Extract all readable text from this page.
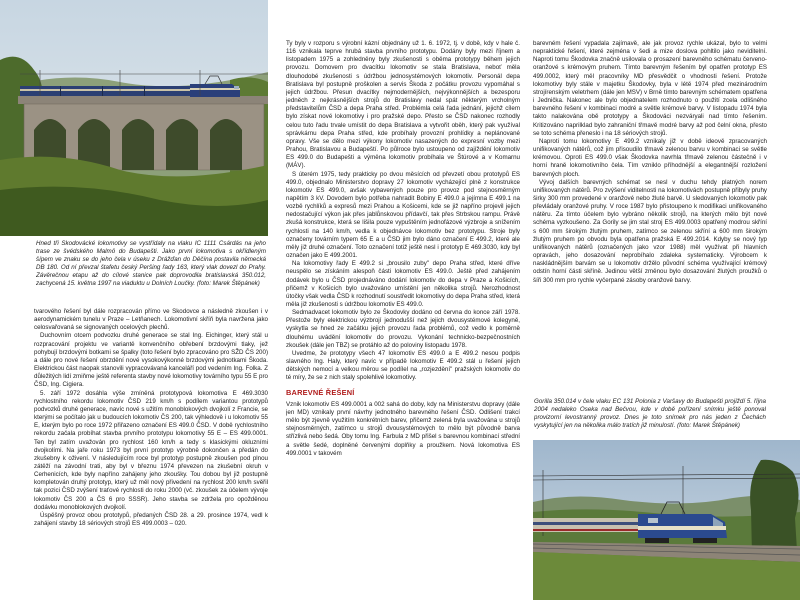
Hned tři Škodovácké lokomotivy se vystřídaly na vlaku IC 1111 Csárdás na jeho trase ze švédského Malmö do Budapešti. Jako první lokomotiva s okřídleným šípem ve znaku se do jeho čela v úseku z Drážďan do Děčína postavila německá DB 180. Od ní převzal štafetu český Peršing řady 163, který vlak dovezl do Prahy. Závěrečnou etapu až do cílové stanice pak doprovodila bratislavská 350.012, zachycená 15. května 1997 na viaduktu u Dolních Loučky. (foto: Marek Štěpánek)

tvarového řešení byl dále rozpracován přímo ve Škodovce a následně zkoušen i v aerodynamickém tunelu v Praze – Letňanech. Lokomotivní skříň byla navržena jako celosvařovaná se signovaných ocelových plechů.

Duchovním otcem podvozku druhé generace se stal Ing. Eichinger, který stál u rozpracování projektu ve variantě konvenčního obřebení brzdovými tlaky, jež pohybují brzdovými botkami se špalky (toto řešení bylo zpracováno pro SŽD ČS 200) a dále pro nové řešení obrzdění nové vysokovýkonné brzdovými jednotkami Škoda. Elektrickou část naopak stanovili vypracovávaná kanceláří pod vedením Ing. Folka. Z důležitých lidí zmiňme ještě referenta stavby nové lokomotivy továrního typu 55 E pro ČSD, Ing. Cigiera.

5. září 1972 dosáhla výše zmíněná prototypová lokomotiva E 469.3030 rychlostního rekordu lokomotiv ČSD 219 km/h s podílem variantou prototypů podvozků druhé generace, navíc nové s užitím monoblokových dvojkolí z Francie, se kterými se počítalo jak u budoucích lokomotiv ČS 200, tak výhledově i u lokomotiv 55 E, kterým bylo po roce 1972 přiřazeno označení ES 499.0 ČSD. V době rychlostního rekordu začala probíhat stavba prvního prototypu lokomotivy 55 E – ES 499.0001. Ten byl zatím uvažován pro rychlost 160 km/h a tedy s klasickými okluzními dvojkolími. Na jaře roku 1973 byl první prototyp výrobně dokončen a předán do zkušebny k oživení. V následujícím roce byl prototyp postupně zkoušen pod plnou zátěží na závodní trati, aby byl v březnu 1974 převezen na zkušební okruh v Cerhenicích, kde byly napříno zahájeny jeho zkoušky. Tou dobou byl již postupně kompletován druhý prototyp, který už měl nový přivedení na rychlost 200 km/h svěřil tak pozici ČSD zvýšení traťové rychlosti do roku 2000 (vč. zkoušek za účelem vývoje lokomotiv ČS 200 a ČS 6 pro SSSR). Jeho stavba se zdržela pro opožděnou dodávku monoblokových dvojkolí.

Úspěšný provoz obou prototypů, předaných ČSD 28. a 29. prosince 1974, vedl k zahájení stavby 18 sériových strojů ES 499.0003 – 020.

Ty byly v rozporu s výrobní kázní objednány už 1. 6. 1972, tj. v době, kdy v hale č. 116 vznikala teprve hrubá stavba prvního prototypu. Dodány byly mezi říjnem a listopadem 1975 a zohledněny byly zkušenosti s oběma prototypy během jejich provozu. Domovem pro dvacítku lokomotiv se stala Bratislava, neboť měla dlouhodobé zkušenosti s údržbou jednosystémových lokomotiv. Personál depa Bratislava byl postupně proškolen a servis Škoda z počátku provozu vypomáhal s jejich údržbou. Přesun dvacítky nejmodernějších, nejvýkonnějších a bezesporu jedněch z nejkrásnějších strojů do Bratislavy nedal spát některým vrcholným představitelům ČSD a depa Praha střed. Problémla celá řada jednání, jejichž cílem bylo získat nové lokomotivy i pro pražské depo. Přesto se ČSD nakonec rozhodly celou tuto řadu trvale umístit do depa Bratislava a vytvořit oběh, který pak využíval správkárnu depa Praha střed, kde probíhaly provozní prohlídky a neplánované opravy. Vše se dělo mezi výkony lokomotiv nasazených do expresní vozby mezi Prahou, Bratislavou a Budapeští. Po půlroce bylo ustoupeno od zajíždění lokomotiv ES 499.0 do Budapešti a výměna lokomotiv probíhala ve Štúrové a v Komarnu (MÁV).

S úterém 1975, tedy prakticky po dvou měsících od převzetí obou prototypů ES 499.0, objednalo Ministerstvo dopravy 27 lokomotiv vycházející plně z konstrukce lokomotiv ES 499.0, avšak vybavených pouze pro provoz pod stejnosměrným napětím 3 kV. Dovodem bylo potřeba nahradit Bobiny E 499.0 a jejímna E 499.1 na vozbě rychlíků a expresů mezi Prahou a Košicemi, kde se již napříno projevil jejich nedostačující výkon jak přes jablůnskovou přídavčí, tak přes Strbskou rampu. Právě zkušá konstrukce, která se lišila pouze vypuštěním jednofázové výzbroje a snížením rychlosti na 140 km/h, vedla k objednávce lokomotiv bez prototypu. Stroje byly označeny továrním typem 65 E a u ČSD jim bylo dáno označení E 499.2, které ale měly již druhé označení. Toto označení totiž ještě nesl i prototyp E 469.3030, kdy byl označen jako E 499.2001.

Na lokomotivy řady E 499.2 si „brousilo zuby" depo Praha střed, které dříve neuspělo se získáním alespoň části lokomotiv ES 499.0. Ještě před zahájením dodávek bylo u ČSD projednáváno dodání lokomotiv do depa v Praze a Košicích, přičemž v Košicích bylo uvažováno umístění jen několika strojů. Nerozhodnost útočky však vedla ČSD k rozhodnutí soustředit lokomotivy do depa Praha střed, která měla již zkušenosti s údržbou lokomotiv ES 499.0.

Sedmadvacet lokomotiv bylo ze Škodovky dodáno od června do konce září 1978. Přestože byly elektrickou výzbrojí jednodušší než jejich dvousystémové kolegyně, vyskytla se hned ze začátku jejich provozu řada problémů, což vedlo k poměrně dlouhému uvádění lokomotiv do provozu. Vykonání technicko-bezpečnostních zkoušek (dále jen TBZ) se protáhlo až do poloviny listopadu 1978.

Uvedme, že prototypy všech 47 lokomotiv ES 499.0 a E 499.2 nesou podpis slavného Ing. Haly, který navíc v případě lokomotiv E 499.2 stál u řešení jejich dětských nemocí a velkou měrou se podílel na „rozjezdění" pražských lokomotiv do té míry, že se z nich staly spolehlivé lokomotivy.

BAREVNÉ ŘEŠENÍ

Vznik lokomotiv ES 499.0001 a 002 sahá do doby, kdy na Ministerstvu dopravy (dále jen MD) vznikaly první návrhy jednotného barevného řešení ČSD. Odlišení trakcí mělo být zjevně využitím konkrétních barev, přičemž zelená byla uvažována u strojů stejnosměrných, zatímco u strojů dvousystémových to mělo být původně barva střízlivá nebo šedá. Oby tomu Ing. Farbula z MD přišel s barevnou kombinací střední a světle šedé, doplněné červenými doplňky a proužkem. Nová lokomotiva ES 499.0001 v takovém

barevném řešení vypadala zajímavě, ale jak provoz rychle ukázal, bylo to velmi nepraktické řešení, které zejména v šedi a mize doslova pohltilo jako neviditelní. Naproti tomu Škodovka značně usilovala o prosazení barevného schématu červeno-oranžové s krémovým pruhem. Tímto barevným řešením byl opatřen prototyp ES 499.0002, který měl pracovníky MD přesvědčit o vhodnosti řešení. Protože lokomotivy byly stále v majetku Škodovky, byla v létě 1974 před mezinárodním strojírenským veletrhem (dále jen MSV) v Brně tímto barevným schématem opatřena i Jednička. Nakonec ale bylo objednatelem rozhodnuto o použití zcela odlišného barevného řešení v kombinaci modré a světle krémové barvy. V listopadu 1974 byla takto nalakována obě prototypy a Škodováci nezváryali nad tímto řešením. Kritizováno naprilklad bylo zahraniční třmavě modré barvy až pod čelní okna, přesto se toto schéma přeneslo i na 18 sériových strojů.

Naproti tomu lokomotivy E 499.2 vznikaly již v době ideově zpracovaných unifikovaných nátěrů, což jim přisoudilo třmavě zelenou barvu v kombinaci se světle krémovou. Oproti ES 499.0 však Škodovka navrhla třmavě zelenou částečně i v horní hraně lokomotivního čela. Tím vzniklo příhodnější a elegantnější rozložení barevných ploch.

Vývoj dalších barevných schémat se nesl v duchu tehdy platných norem unifikovaných nátěrů. Pro zvýšení viditelnosti na lokomotivách postupně přibyly pruhy širky 300 mm provedené v oranžové nebo žluté barvě. U sledovaných lokomotiv pak převládaly oranžové pruhy. V roce 1987 bylo přistoupeno k modifikaci unifikovaného nátěru. Za tímto účelem bylo vybráno několik strojů, na kterých mělo být nové schéma vyzkoušeno. Za Gorily se jim stal stroj ES 499.0003 opatřený modrou skříní s 600 mm širokým žlutým pruhem, zatímco se zelenou skříní a 600 mm širokým žlutým pruhem po obvodu byla opatřena pražská E 499.2014. Kdyby se nový typ unifikovaných nátěrů (označených jako vzor 1988) měl využívat při hlavních opravách, jeho dosazování neprobíhalo zdaleka systematicky. Výrobcem k naskládnějším barvám se u lokomotiv držělo původní schéma využívající krémový odstín horní části skříně. Jedinou větší změnou bylo dosazování žlutých proužků o šíři 300 mm pro rychle vyčerpané zásoby oranžové barvy.

Gorilla 350.014 v čele vlaku EC 131 Polonia z Varšavy do Budapešti projíždí 5. října 2004 nedaleko Oseka nad Bečvou, kde v době pořízení snímku ještě ponoval provizorní levostranný provoz. Dnes je toto snímek pro nás jeden z Čechách vyskytující jen na několika málo tratích již minulostí. (foto: Marek Štěpánek)
